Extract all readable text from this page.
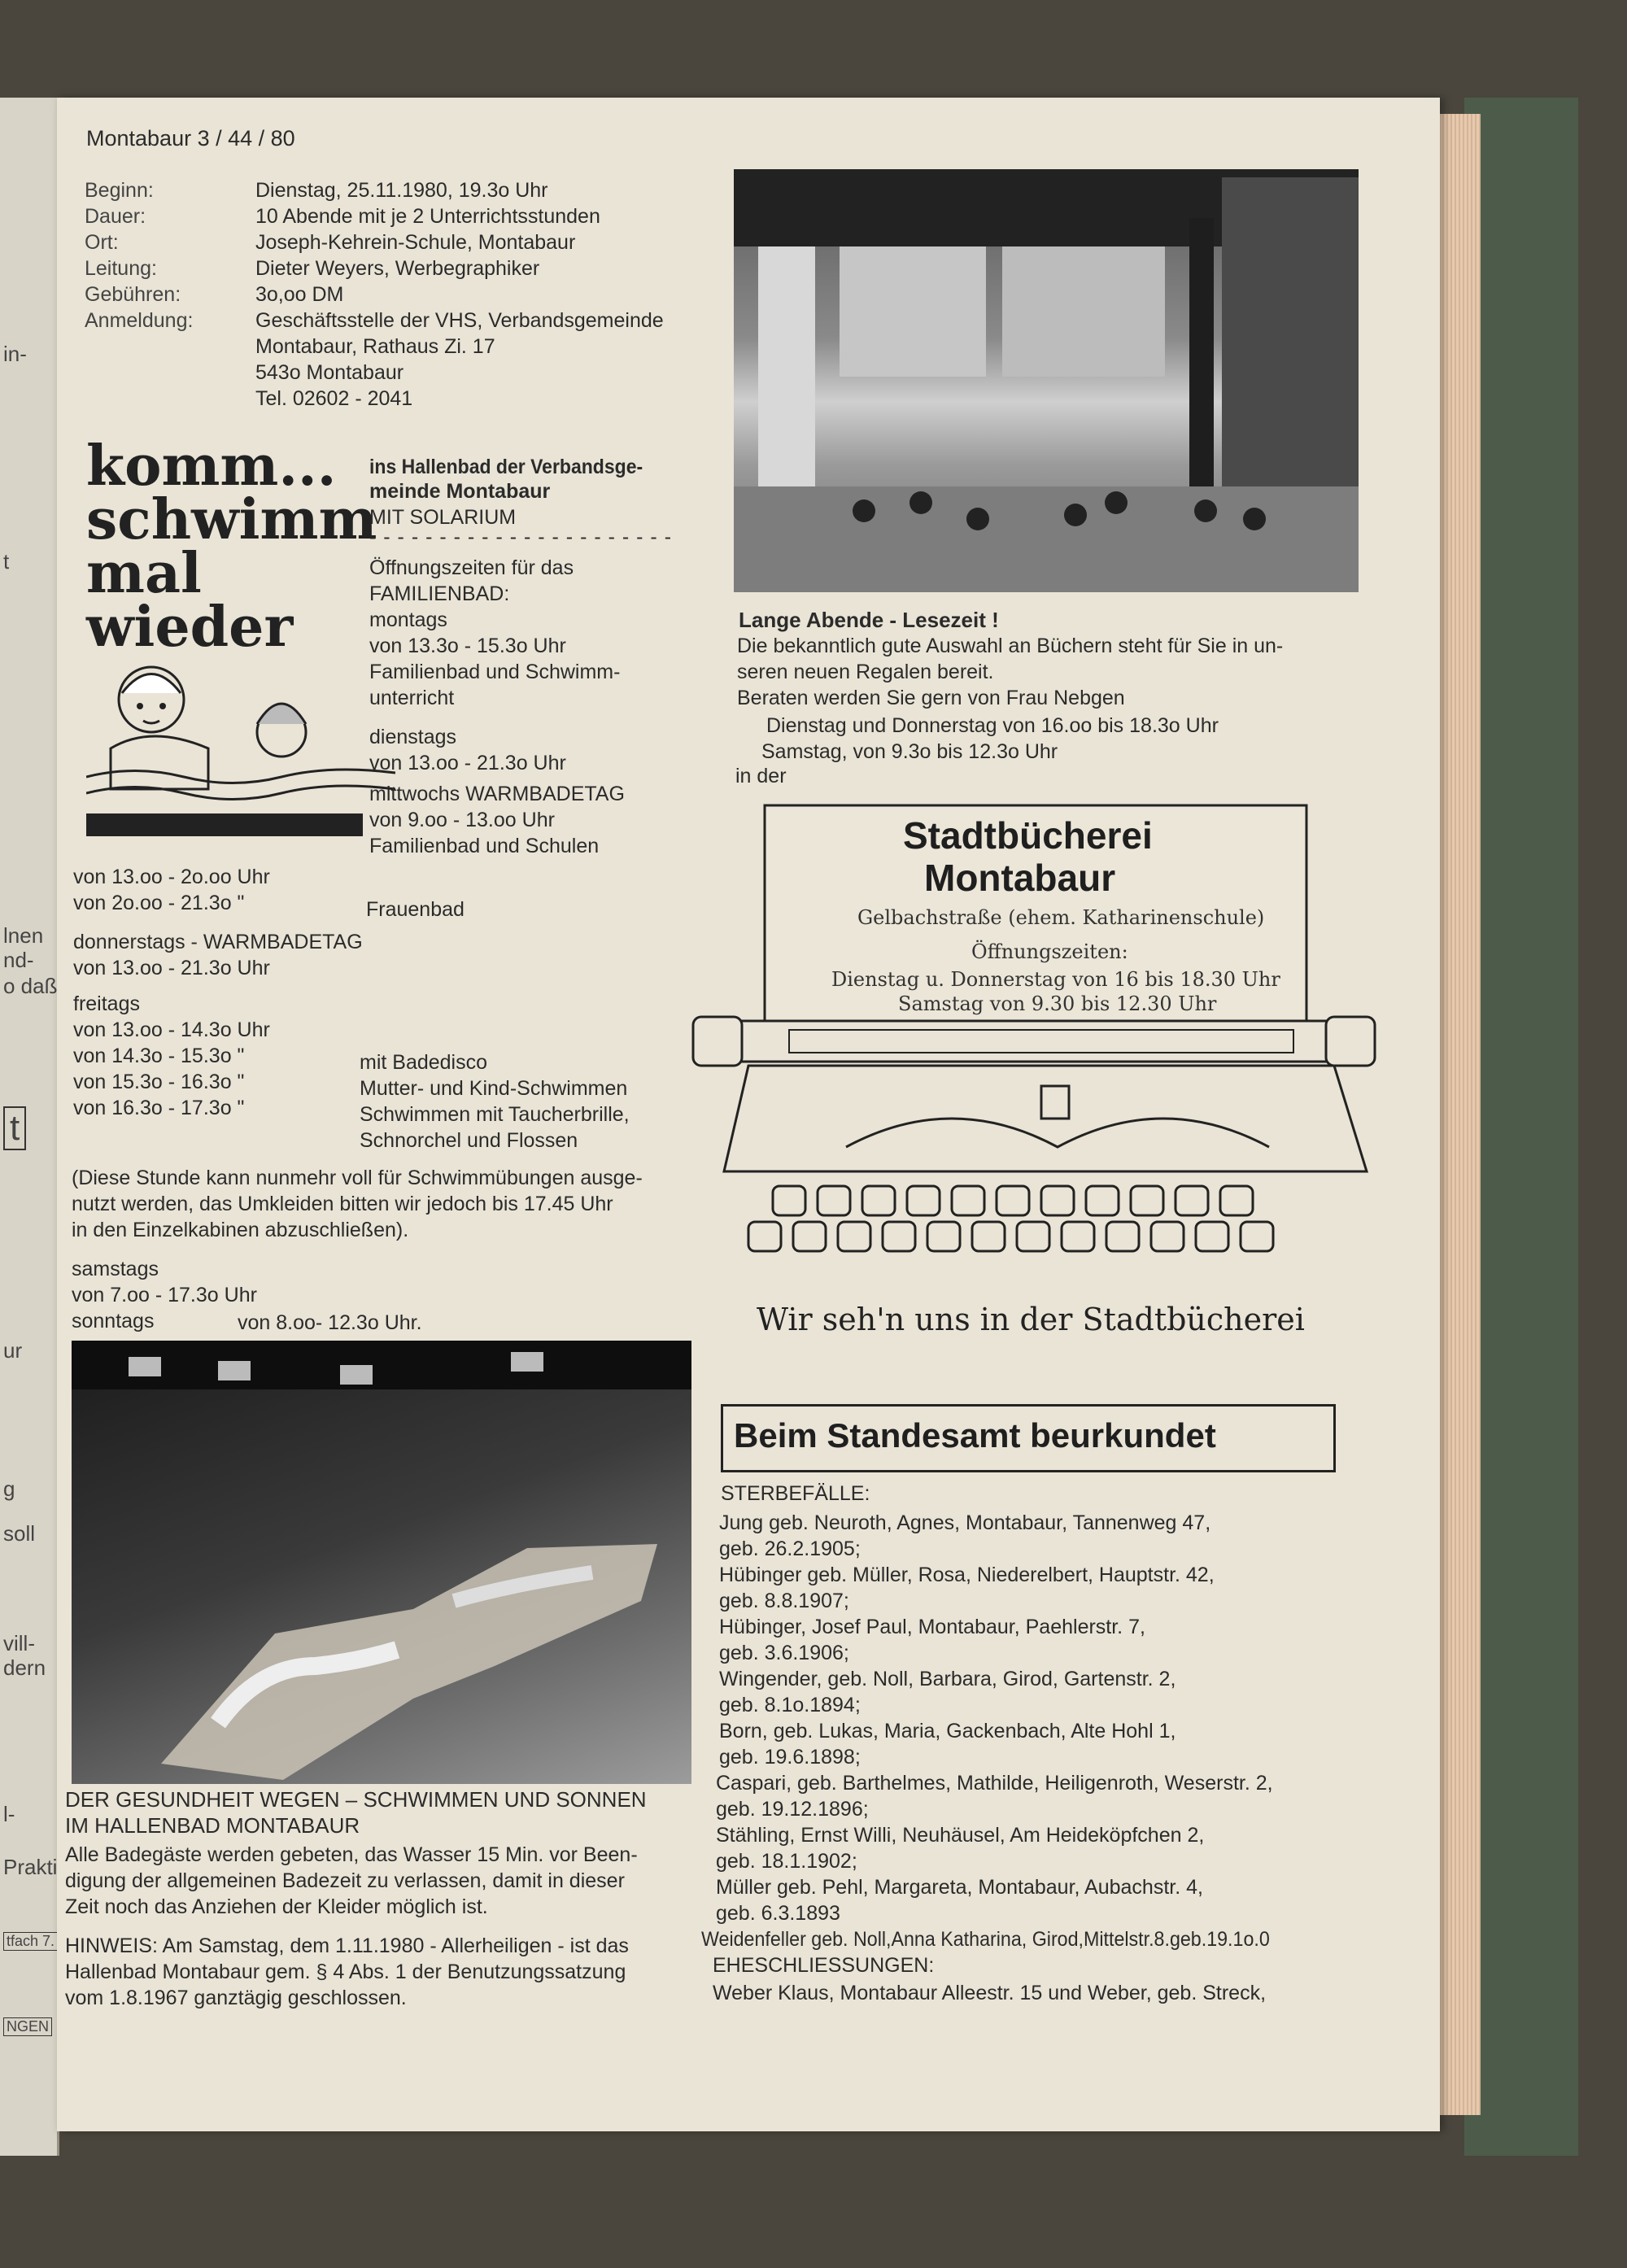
in-
t
lnen
nd-
o daß
t
ur
g
soll
vill-
dern
l-
Prakti
tfach 7.
NGEN
Montabaur 3 / 44 / 80
Beginn:	Dienstag, 25.11.1980, 19.3o Uhr
Dauer:	10 Abende mit je 2 Unterrichtsstunden
Ort:	Joseph-Kehrein-Schule, Montabaur
Leitung:	Dieter Weyers, Werbegraphiker
Gebühren:	3o,oo DM
Anmeldung:	Geschäftsstelle der VHS, Verbandsgemeinde
Montabaur, Rathaus Zi. 17
543o Montabaur
Tel. 02602 - 2041
komm...
schwimm
mal
wieder
ins Hallenbad der Verbandsge-
meinde Montabaur
MIT SOLARIUM
- - - - - - - - - - - - - - - - - - - - - -
Öffnungszeiten für das
FAMILIENBAD:
montags
von 13.3o - 15.3o Uhr
Familienbad und Schwimm-
unterricht
dienstags
von 13.oo - 21.3o Uhr
mittwochs WARMBADETAG
von 9.oo - 13.oo Uhr
Familienbad und Schulen
von 13.oo - 2o.oo Uhr
von 2o.oo - 21.3o "	Frauenbad
donnerstags - WARMBADETAG
von 13.oo - 21.3o Uhr
freitags
von 13.oo - 14.3o Uhr
von 14.3o - 15.3o "
von 15.3o - 16.3o "
von 16.3o - 17.3o "
mit Badedisco
Mutter- und Kind-Schwimmen
Schwimmen mit Taucherbrille,
Schnorchel und Flossen
(Diese Stunde kann nunmehr voll für Schwimmübungen ausge-
nutzt werden, das Umkleiden bitten wir jedoch bis 17.45 Uhr
in den Einzelkabinen abzuschließen).
samstags
von 7.oo - 17.3o Uhr
sonntags	von 8.oo- 12.3o Uhr.
DER GESUNDHEIT WEGEN – SCHWIMMEN UND SONNEN
IM HALLENBAD MONTABAUR
Alle Badegäste werden gebeten, das Wasser 15 Min. vor Been-
digung der allgemeinen Badezeit zu verlassen, damit in dieser
Zeit noch das Anziehen der Kleider möglich ist.
HINWEIS: Am Samstag, dem 1.11.1980 - Allerheiligen - ist das
Hallenbad Montabaur gem. § 4 Abs. 1 der Benutzungssatzung
vom 1.8.1967 ganztägig geschlossen.
Lange Abende - Lesezeit !
Die bekanntlich gute Auswahl an Büchern steht für Sie in un-
seren neuen Regalen bereit.
Beraten werden Sie gern von Frau Nebgen
Dienstag und Donnerstag von 16.oo bis 18.3o Uhr
Samstag, von 9.3o bis 12.3o Uhr
in der
Stadtbücherei
Montabaur
Gelbachstraße (ehem. Katharinenschule)
Öffnungszeiten:
Dienstag u. Donnerstag von 16 bis 18.30 Uhr
Samstag von 9.30 bis 12.30 Uhr
Wir seh'n uns in der Stadtbücherei
Beim Standesamt beurkundet
STERBEFÄLLE:
Jung geb. Neuroth, Agnes, Montabaur, Tannenweg 47,
geb. 26.2.1905;
Hübinger geb. Müller, Rosa, Niederelbert, Hauptstr. 42,
geb. 8.8.1907;
Hübinger, Josef Paul, Montabaur, Paehlerstr. 7,
geb. 3.6.1906;
Wingender, geb. Noll, Barbara, Girod, Gartenstr. 2,
geb. 8.1o.1894;
Born, geb. Lukas, Maria, Gackenbach, Alte Hohl 1,
geb. 19.6.1898;
Caspari, geb. Barthelmes, Mathilde, Heiligenroth, Weserstr. 2,
geb. 19.12.1896;
Stähling, Ernst Willi, Neuhäusel, Am Heideköpfchen 2,
geb. 18.1.1902;
Müller geb. Pehl, Margareta, Montabaur, Aubachstr. 4,
geb. 6.3.1893
Weidenfeller geb. Noll,Anna Katharina, Girod,Mittelstr.8.geb.19.1o.0
EHESCHLIESSUNGEN:
Weber Klaus, Montabaur Alleestr. 15 und Weber, geb. Streck,
